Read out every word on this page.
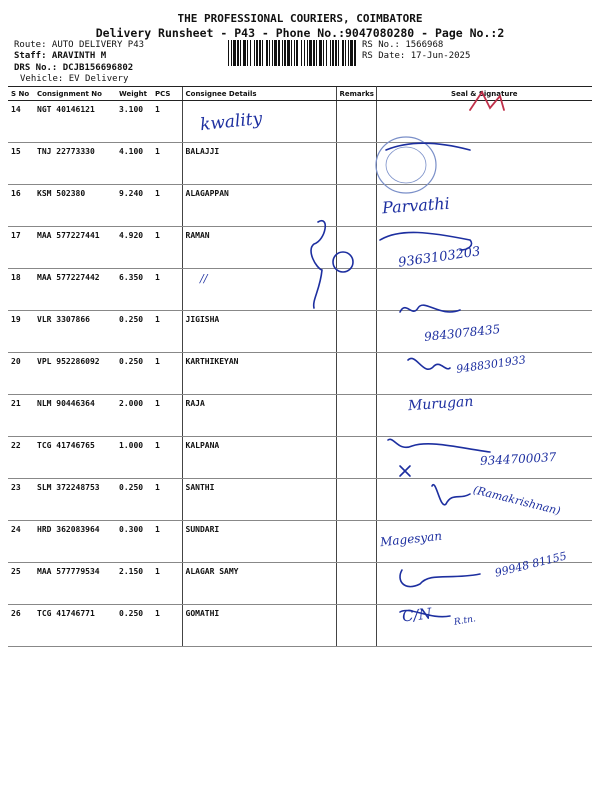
THE PROFESSIONAL COURIERS, COIMBATORE
Delivery Runsheet - P43 - Phone No.:9047080280 - Page No.:2
Route: AUTO DELIVERY P43
Staff: ARAVINTH M
DRS No.: DCJB156696802
Vehicle: EV Delivery
RS No.: 1566968
RS Date: 17-Jun-2025
S No	Consignment No	Weight	PCS	Consignee Details	Remarks	Seal & Signature
14	NGT 40146121	3.100	1			
15	TNJ 22773330	4.100	1	BALAJJI		
16	KSM 502380	9.240	1	ALAGAPPAN		
17	MAA 577227441	4.920	1	RAMAN		
18	MAA 577227442	6.350	1			
19	VLR 3307866	0.250	1	JIGISHA		
20	VPL 952286092	0.250	1	KARTHIKEYAN		
21	NLM 90446364	2.000	1	RAJA		
22	TCG 41746765	1.000	1	KALPANA		
23	SLM 372248753	0.250	1	SANTHI		
24	HRD 362083964	0.300	1	SUNDARI		
25	MAA 577779534	2.150	1	ALAGAR SAMY		
26	TCG 41746771	0.250	1	GOMATHI		
kwality
//
Parvathi
9363103203
9843078435
9488301933
Murugan
9344700037
(Ramakrishnan)
Magesyan
99948 81155
C/N R.tn.
